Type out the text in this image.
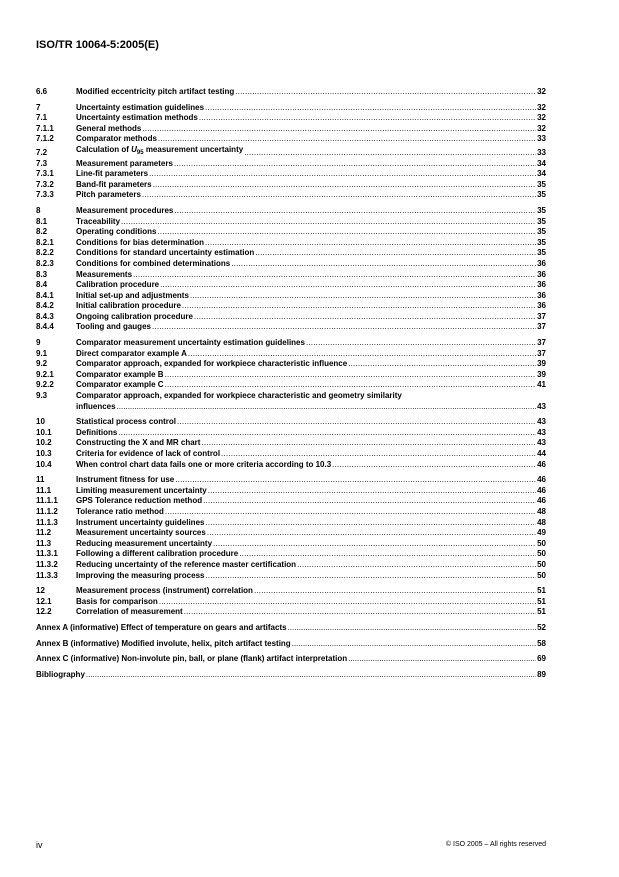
ISO/TR 10064-5:2005(E)
6.6	Modified eccentricity pitch artifact testing .....	32
7	Uncertainty estimation guidelines .....	32
7.1	Uncertainty estimation methods .....	32
7.1.1	General methods .....	32
7.1.2	Comparator methods .....	33
7.2	Calculation of $U_{95}$ measurement uncertainty .....	33
7.3	Measurement parameters .....	34
7.3.1	Line-fit parameters .....	34
7.3.2	Band-fit parameters .....	35
7.3.3	Pitch parameters .....	35
8	Measurement procedures .....	35
8.1	Traceability .....	35
8.2	Operating conditions .....	35
8.2.1	Conditions for bias determination .....	35
8.2.2	Conditions for standard uncertainty estimation .....	35
8.2.3	Conditions for combined determinations .....	36
8.3	Measurements .....	36
8.4	Calibration procedure .....	36
8.4.1	Initial set-up and adjustments .....	36
8.4.2	Initial calibration procedure .....	36
8.4.3	Ongoing calibration procedure .....	37
8.4.4	Tooling and gauges .....	37
9	Comparator measurement uncertainty estimation guidelines .....	37
9.1	Direct comparator example A .....	37
9.2	Comparator approach, expanded for workpiece characteristic influence .....	39
9.2.1	Comparator example B .....	39
9.2.2	Comparator example C .....	41
9.3	Comparator approach, expanded for workpiece characteristic and geometry similarity
influences .....	43
10	Statistical process control .....	43
10.1	Definitions .....	43
10.2	Constructing the X and MR chart .....	43
10.3	Criteria for evidence of lack of control .....	44
10.4	When control chart data fails one or more criteria according to 10.3 .....	46
11	Instrument fitness for use .....	46
11.1	Limiting measurement uncertainty .....	46
11.1.1	GPS Tolerance reduction method .....	46
11.1.2	Tolerance ratio method .....	48
11.1.3	Instrument uncertainty guidelines .....	48
11.2	Measurement uncertainty sources .....	49
11.3	Reducing measurement uncertainty .....	50
11.3.1	Following a different calibration procedure .....	50
11.3.2	Reducing uncertainty of the reference master certification .....	50
11.3.3	Improving the measuring process .....	50
12	Measurement process (instrument) correlation .....	51
12.1	Basis for comparison .....	51
12.2	Correlation of measurement .....	51
Annex A (informative) Effect of temperature on gears and artifacts .....	52
Annex B (informative) Modified involute, helix, pitch artifact testing .....	58
Annex C (informative) Non-involute pin, ball, or plane (flank) artifact interpretation .....	69
Bibliography .....	89
iv	© ISO 2005 – All rights reserved
